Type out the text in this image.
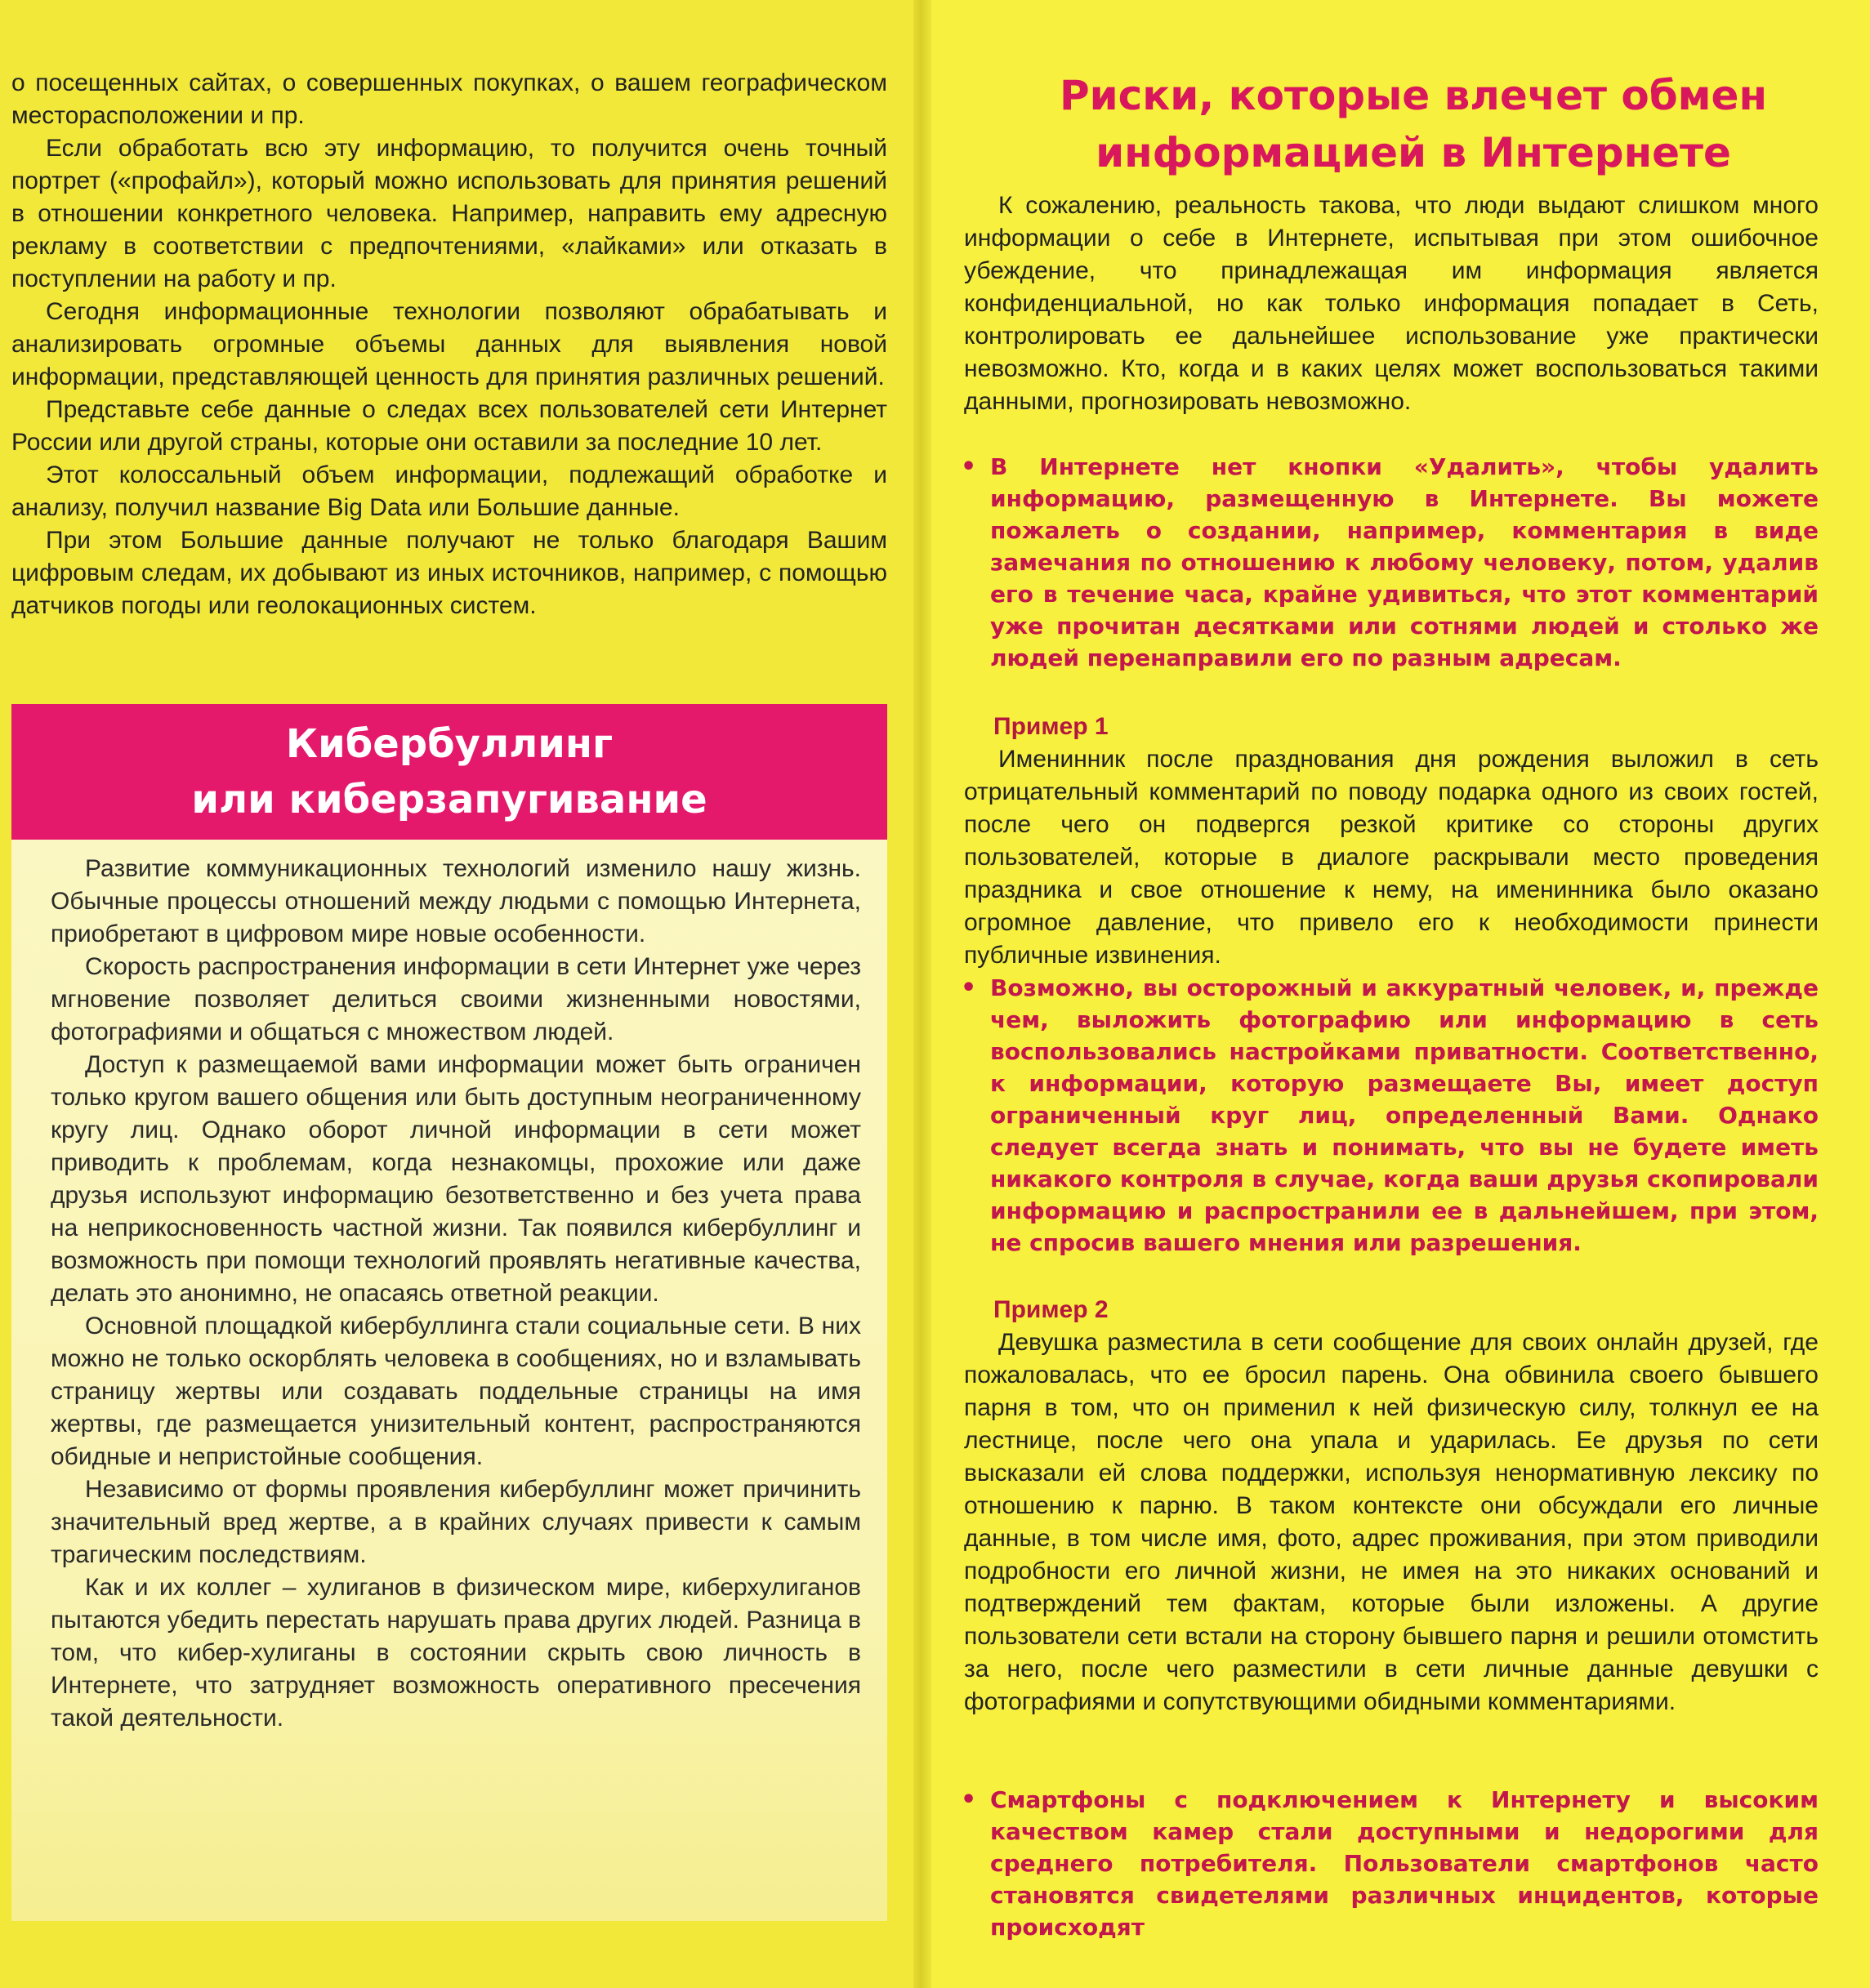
о посещенных сайтах, о совершенных покупках, о вашем географическом месторасположении и пр.

Если обработать всю эту информацию, то получится очень точный портрет («профайл»), который можно использовать для принятия решений в отношении конкретного человека. Например, направить ему адресную рекламу в соответствии с предпочтениями, «лайками» или отказать в поступлении на работу и пр.

Сегодня информационные технологии позволяют обрабатывать и анализировать огромные объемы данных для выявления новой информации, представляющей ценность для принятия различных решений.

Представьте себе данные о следах всех пользователей сети Интернет России или другой страны, которые они оставили за последние 10 лет.

Этот колоссальный объем информации, подлежащий обработке и анализу, получил название Big Data или Большие данные.

При этом Большие данные получают не только благодаря Вашим цифровым следам, их добывают из иных источников, например, с помощью датчиков погоды или геолокационных систем.

Кибербуллинг
или киберзапугивание

Развитие коммуникационных технологий изменило нашу жизнь. Обычные процессы отношений между людьми с помощью Интернета, приобретают в цифровом мире новые особенности.

Скорость распространения информации в сети Интернет уже через мгновение позволяет делиться своими жизненными новостями, фотографиями и общаться с множеством людей.

Доступ к размещаемой вами информации может быть ограничен только кругом вашего общения или быть доступным неограниченному кругу лиц. Однако оборот личной информации в сети может приводить к проблемам, когда незнакомцы, прохожие или даже друзья используют информацию безответственно и без учета права на неприкосновенность частной жизни. Так появился кибербуллинг и возможность при помощи технологий проявлять негативные качества, делать это анонимно, не опасаясь ответной реакции.

Основной площадкой кибербуллинга стали социальные сети. В них можно не только оскорблять человека в сообщениях, но и взламывать страницу жертвы или создавать поддельные страницы на имя жертвы, где размещается унизительный контент, распространяются обидные и непристойные сообщения.

Независимо от формы проявления кибербуллинг может причинить значительный вред жертве, а в крайних случаях привести к самым трагическим последствиям.

Как и их коллег – хулиганов в физическом мире, киберхулиганов пытаются убедить перестать нарушать права других людей. Разница в том, что кибер-хулиганы в состоянии скрыть свою личность в Интернете, что затрудняет возможность оперативного пресечения такой деятельности.

Риски, которые влечет обмен
информацией в Интернете

К сожалению, реальность такова, что люди выдают слишком много информации о себе в Интернете, испытывая при этом ошибочное убеждение, что принадлежащая им информация является конфиденциальной, но как только информация попадает в Сеть, контролировать ее дальнейшее использование уже практически невозможно. Кто, когда и в каких целях может воспользоваться такими данными, прогнозировать невозможно.

• В Интернете нет кнопки «Удалить», чтобы удалить информацию, размещенную в Интернете. Вы можете пожалеть о создании, например, комментария в виде замечания по отношению к любому человеку, потом, удалив его в течение часа, крайне удивиться, что этот комментарий уже прочитан десятками или сотнями людей и столько же людей перенаправили его по разным адресам.

Пример 1

Именинник после празднования дня рождения выложил в сеть отрицательный комментарий по поводу подарка одного из своих гостей, после чего он подвергся резкой критике со стороны других пользователей, которые в диалоге раскрывали место проведения праздника и свое отношение к нему, на именинника было оказано огромное давление, что привело его к необходимости принести публичные извинения.

• Возможно, вы осторожный и аккуратный человек, и, прежде чем, выложить фотографию или информацию в сеть воспользовались настройками приватности. Соответственно, к информации, которую размещаете Вы, имеет доступ ограниченный круг лиц, определенный Вами. Однако следует всегда знать и понимать, что вы не будете иметь никакого контроля в случае, когда ваши друзья скопировали информацию и распространили ее в дальнейшем, при этом, не спросив вашего мнения или разрешения.

Пример 2

Девушка разместила в сети сообщение для своих онлайн друзей, где пожаловалась, что ее бросил парень. Она обвинила своего бывшего парня в том, что он применил к ней физическую силу, толкнул ее на лестнице, после чего она упала и ударилась. Ее друзья по сети высказали ей слова поддержки, используя ненормативную лексику по отношению к парню. В таком контексте они обсуждали его личные данные, в том числе имя, фото, адрес проживания, при этом приводили подробности его личной жизни, не имея на это никаких оснований и подтверждений тем фактам, которые были изложены. А другие пользователи сети встали на сторону бывшего парня и решили отомстить за него, после чего разместили в сети личные данные девушки с фотографиями и сопутствующими обидными комментариями.

• Смартфоны с подключением к Интернету и высоким качеством камер стали доступными и недорогими для среднего потребителя. Пользователи смартфонов часто становятся свидетелями различных инцидентов, которые происходят
